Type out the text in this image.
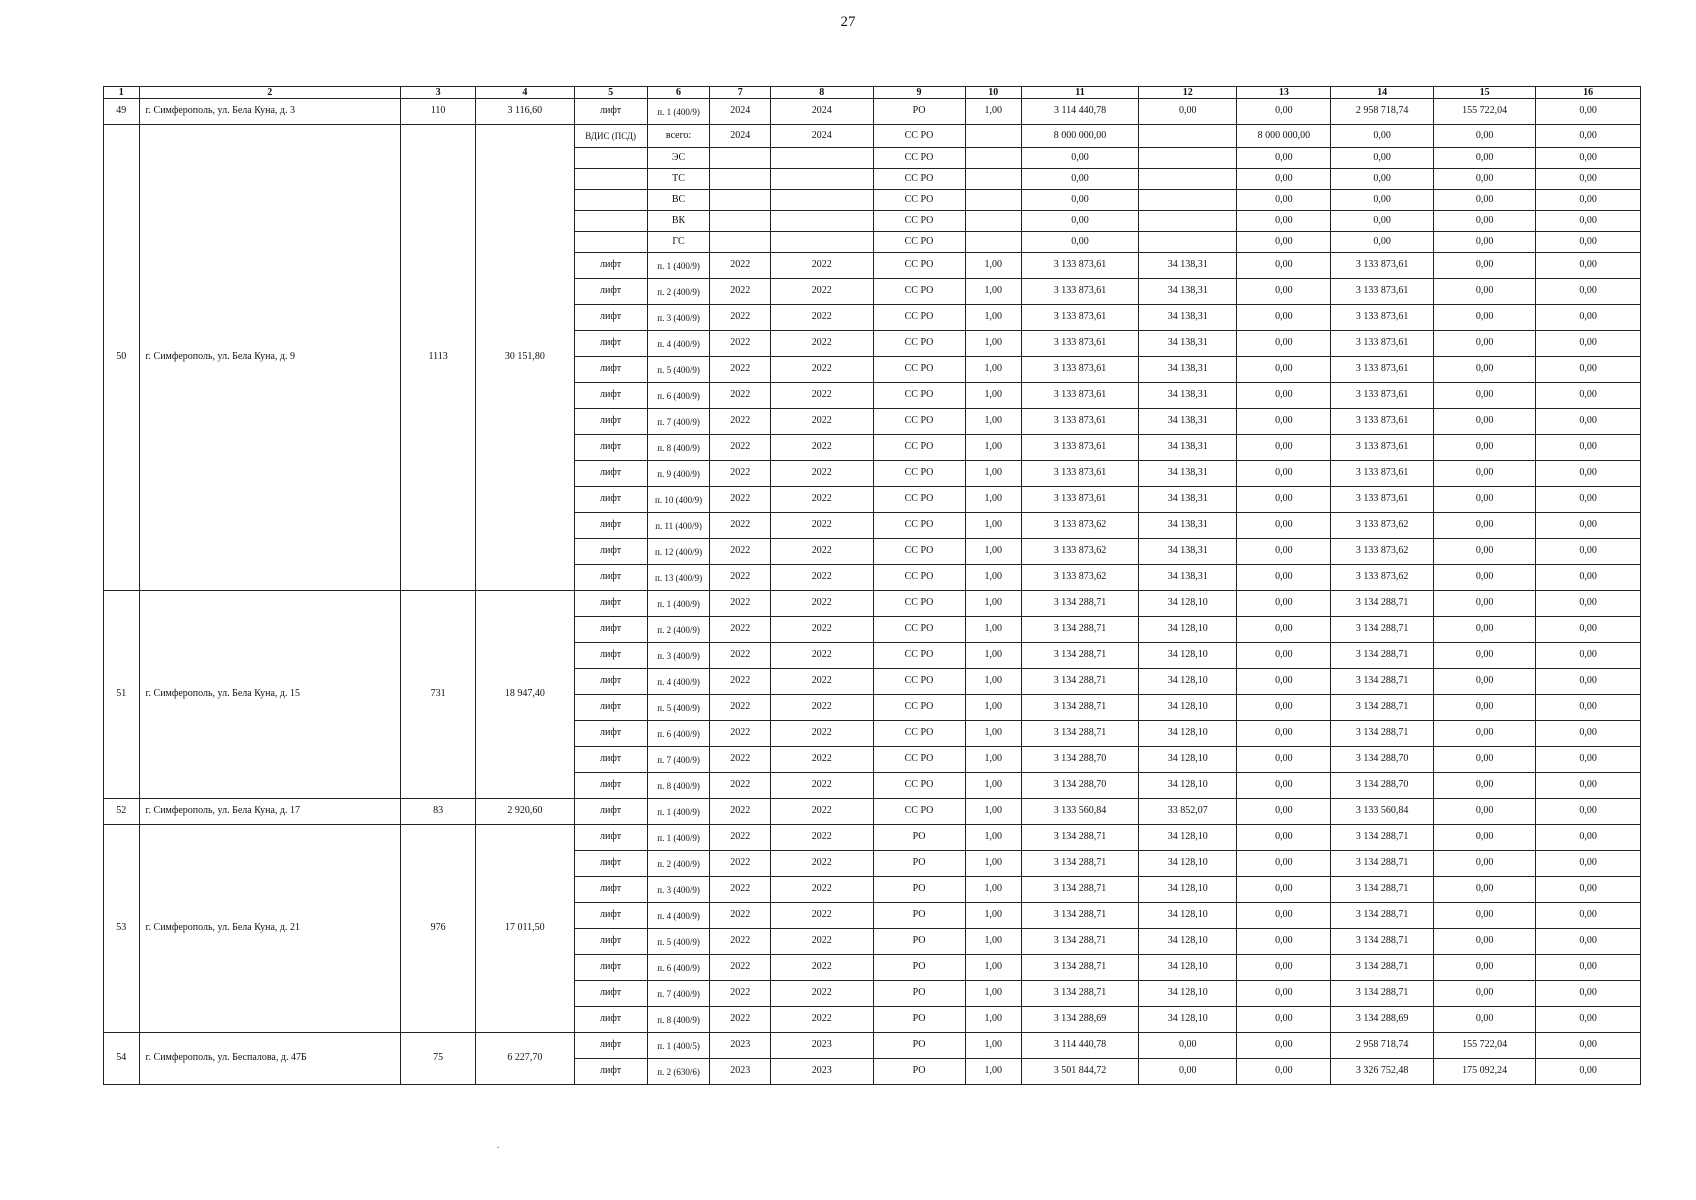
27
1	2	3	4	5	6	7	8	9	10	11	12	13	14	15	16
49	г. Симферополь, ул. Бела Куна, д. 3	110	3 116,60	лифт	п. 1 (400/9)	2024	2024	РО	1,00	3 114 440,78	0,00	0,00	2 958 718,74	155 722,04	0,00
50	г. Симферополь, ул. Бела Куна, д. 9	1113	30 151,80	ВДИС (ПСД)	всего:	2024	2024	СС РО		8 000 000,00		8 000 000,00	0,00	0,00	0,00
					ЭС			СС РО		0,00		0,00	0,00	0,00	0,00
					ТС			СС РО		0,00		0,00	0,00	0,00	0,00
					ВС			СС РО		0,00		0,00	0,00	0,00	0,00
					ВК			СС РО		0,00		0,00	0,00	0,00	0,00
					ГС			СС РО		0,00		0,00	0,00	0,00	0,00
				лифт	п. 1 (400/9)	2022	2022	СС РО	1,00	3 133 873,61	34 138,31	0,00	3 133 873,61	0,00	0,00
				лифт	п. 2 (400/9)	2022	2022	СС РО	1,00	3 133 873,61	34 138,31	0,00	3 133 873,61	0,00	0,00
				лифт	п. 3 (400/9)	2022	2022	СС РО	1,00	3 133 873,61	34 138,31	0,00	3 133 873,61	0,00	0,00
				лифт	п. 4 (400/9)	2022	2022	СС РО	1,00	3 133 873,61	34 138,31	0,00	3 133 873,61	0,00	0,00
				лифт	п. 5 (400/9)	2022	2022	СС РО	1,00	3 133 873,61	34 138,31	0,00	3 133 873,61	0,00	0,00
				лифт	п. 6 (400/9)	2022	2022	СС РО	1,00	3 133 873,61	34 138,31	0,00	3 133 873,61	0,00	0,00
				лифт	п. 7 (400/9)	2022	2022	СС РО	1,00	3 133 873,61	34 138,31	0,00	3 133 873,61	0,00	0,00
				лифт	п. 8 (400/9)	2022	2022	СС РО	1,00	3 133 873,61	34 138,31	0,00	3 133 873,61	0,00	0,00
				лифт	п. 9 (400/9)	2022	2022	СС РО	1,00	3 133 873,61	34 138,31	0,00	3 133 873,61	0,00	0,00
				лифт	п. 10 (400/9)	2022	2022	СС РО	1,00	3 133 873,61	34 138,31	0,00	3 133 873,61	0,00	0,00
				лифт	п. 11 (400/9)	2022	2022	СС РО	1,00	3 133 873,62	34 138,31	0,00	3 133 873,62	0,00	0,00
				лифт	п. 12 (400/9)	2022	2022	СС РО	1,00	3 133 873,62	34 138,31	0,00	3 133 873,62	0,00	0,00
				лифт	п. 13 (400/9)	2022	2022	СС РО	1,00	3 133 873,62	34 138,31	0,00	3 133 873,62	0,00	0,00
51	г. Симферополь, ул. Бела Куна, д. 15	731	18 947,40	лифт	п. 1 (400/9)	2022	2022	СС РО	1,00	3 134 288,71	34 128,10	0,00	3 134 288,71	0,00	0,00
				лифт	п. 2 (400/9)	2022	2022	СС РО	1,00	3 134 288,71	34 128,10	0,00	3 134 288,71	0,00	0,00
				лифт	п. 3 (400/9)	2022	2022	СС РО	1,00	3 134 288,71	34 128,10	0,00	3 134 288,71	0,00	0,00
				лифт	п. 4 (400/9)	2022	2022	СС РО	1,00	3 134 288,71	34 128,10	0,00	3 134 288,71	0,00	0,00
				лифт	п. 5 (400/9)	2022	2022	СС РО	1,00	3 134 288,71	34 128,10	0,00	3 134 288,71	0,00	0,00
				лифт	п. 6 (400/9)	2022	2022	СС РО	1,00	3 134 288,71	34 128,10	0,00	3 134 288,71	0,00	0,00
				лифт	п. 7 (400/9)	2022	2022	СС РО	1,00	3 134 288,70	34 128,10	0,00	3 134 288,70	0,00	0,00
				лифт	п. 8 (400/9)	2022	2022	СС РО	1,00	3 134 288,70	34 128,10	0,00	3 134 288,70	0,00	0,00
52	г. Симферополь, ул. Бела Куна, д. 17	83	2 920,60	лифт	п. 1 (400/9)	2022	2022	СС РО	1,00	3 133 560,84	33 852,07	0,00	3 133 560,84	0,00	0,00
53	г. Симферополь, ул. Бела Куна, д. 21	976	17 011,50	лифт	п. 1 (400/9)	2022	2022	РО	1,00	3 134 288,71	34 128,10	0,00	3 134 288,71	0,00	0,00
				лифт	п. 2 (400/9)	2022	2022	РО	1,00	3 134 288,71	34 128,10	0,00	3 134 288,71	0,00	0,00
				лифт	п. 3 (400/9)	2022	2022	РО	1,00	3 134 288,71	34 128,10	0,00	3 134 288,71	0,00	0,00
				лифт	п. 4 (400/9)	2022	2022	РО	1,00	3 134 288,71	34 128,10	0,00	3 134 288,71	0,00	0,00
				лифт	п. 5 (400/9)	2022	2022	РО	1,00	3 134 288,71	34 128,10	0,00	3 134 288,71	0,00	0,00
				лифт	п. 6 (400/9)	2022	2022	РО	1,00	3 134 288,71	34 128,10	0,00	3 134 288,71	0,00	0,00
				лифт	п. 7 (400/9)	2022	2022	РО	1,00	3 134 288,71	34 128,10	0,00	3 134 288,71	0,00	0,00
				лифт	п. 8 (400/9)	2022	2022	РО	1,00	3 134 288,69	34 128,10	0,00	3 134 288,69	0,00	0,00
54	г. Симферополь, ул. Беспалова, д. 47Б	75	6 227,70	лифт	п. 1 (400/5)	2023	2023	РО	1,00	3 114 440,78	0,00	0,00	2 958 718,74	155 722,04	0,00
				лифт	п. 2 (630/6)	2023	2023	РО	1,00	3 501 844,72	0,00	0,00	3 326 752,48	175 092,24	0,00
.
